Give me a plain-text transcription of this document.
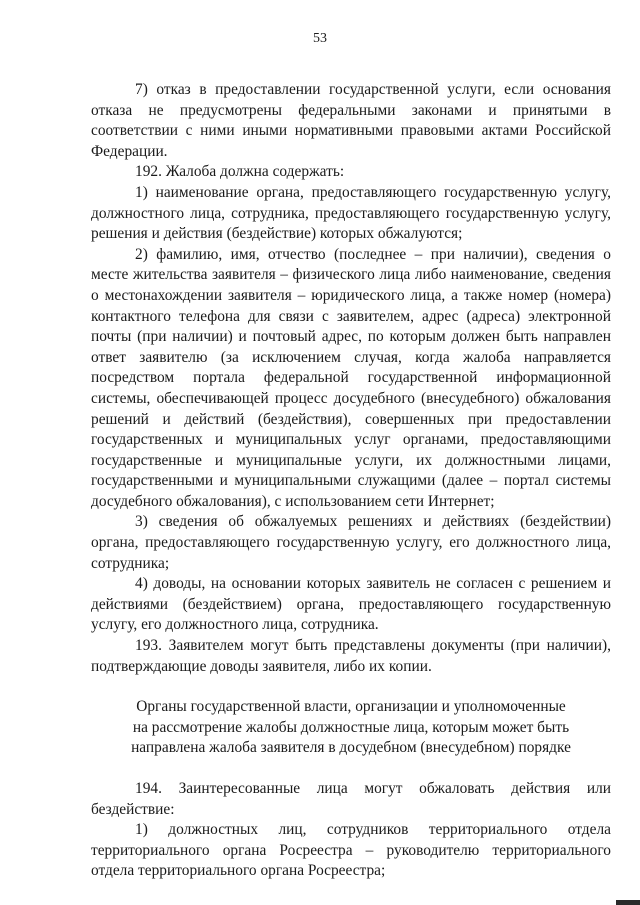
53

7) отказ в предоставлении государственной услуги, если основания отказа не предусмотрены федеральными законами и принятыми в соответствии с ними иными нормативными правовыми актами Российской Федерации.

192. Жалоба должна содержать:

1) наименование органа, предоставляющего государственную услугу, должностного лица, сотрудника, предоставляющего государственную услугу, решения и действия (бездействие) которых обжалуются;

2) фамилию, имя, отчество (последнее – при наличии), сведения о месте жительства заявителя – физического лица либо наименование, сведения о местонахождении заявителя – юридического лица, а также номер (номера) контактного телефона для связи с заявителем, адрес (адреса) электронной почты (при наличии) и почтовый адрес, по которым должен быть направлен ответ заявителю (за исключением случая, когда жалоба направляется посредством портала федеральной государственной информационной системы, обеспечивающей процесс досудебного (внесудебного) обжалования решений и действий (бездействия), совершенных при предоставлении государственных и муниципальных услуг органами, предоставляющими государственные и муниципальные услуги, их должностными лицами, государственными и муниципальными служащими (далее – портал системы досудебного обжалования), с использованием сети Интернет;

3) сведения об обжалуемых решениях и действиях (бездействии) органа, предоставляющего государственную услугу, его должностного лица, сотрудника;

4) доводы, на основании которых заявитель не согласен с решением и действиями (бездействием) органа, предоставляющего государственную услугу, его должностного лица, сотрудника.

193. Заявителем могут быть представлены документы (при наличии), подтверждающие доводы заявителя, либо их копии.

Органы государственной власти, организации и уполномоченные
на рассмотрение жалобы должностные лица, которым может быть
направлена жалоба заявителя в досудебном (внесудебном) порядке

194. Заинтересованные лица могут обжаловать действия или бездействие:

1) должностных лиц, сотрудников территориального отдела территориального органа Росреестра – руководителю территориального отдела территориального органа Росреестра;
